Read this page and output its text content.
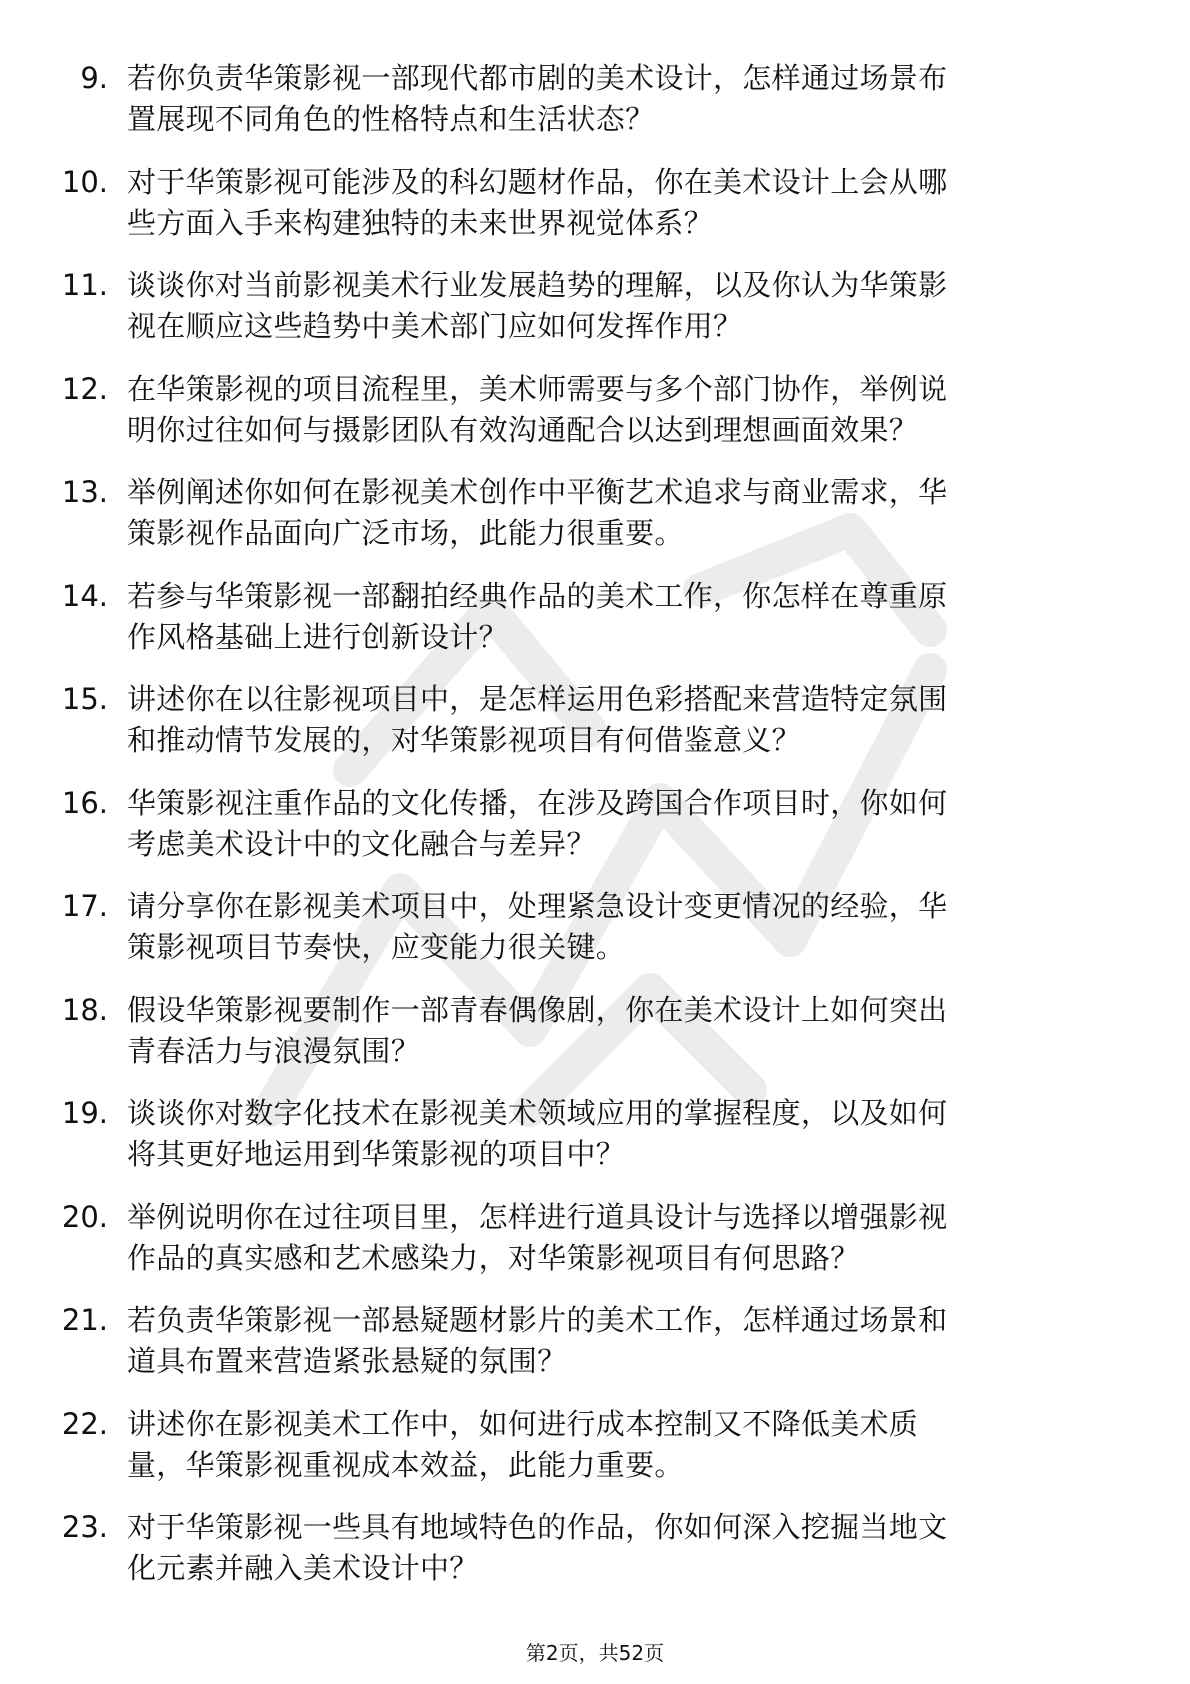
9. 若你负责华策影视一部现代都市剧的美术设计，怎样通过场景布
置展现不同角色的性格特点和生活状态？
10. 对于华策影视可能涉及的科幻题材作品，你在美术设计上会从哪
些方面入手来构建独特的未来世界视觉体系？
11. 谈谈你对当前影视美术行业发展趋势的理解，以及你认为华策影
视在顺应这些趋势中美术部门应如何发挥作用？
12. 在华策影视的项目流程里，美术师需要与多个部门协作，举例说
明你过往如何与摄影团队有效沟通配合以达到理想画面效果？
13. 举例阐述你如何在影视美术创作中平衡艺术追求与商业需求，华
策影视作品面向广泛市场，此能力很重要。
14. 若参与华策影视一部翻拍经典作品的美术工作，你怎样在尊重原
作风格基础上进行创新设计？
15. 讲述你在以往影视项目中，是怎样运用色彩搭配来营造特定氛围
和推动情节发展的，对华策影视项目有何借鉴意义？
16. 华策影视注重作品的文化传播，在涉及跨国合作项目时，你如何
考虑美术设计中的文化融合与差异？
17. 请分享你在影视美术项目中，处理紧急设计变更情况的经验，华
策影视项目节奏快，应变能力很关键。
18. 假设华策影视要制作一部青春偶像剧，你在美术设计上如何突出
青春活力与浪漫氛围？
19. 谈谈你对数字化技术在影视美术领域应用的掌握程度，以及如何
将其更好地运用到华策影视的项目中？
20. 举例说明你在过往项目里，怎样进行道具设计与选择以增强影视
作品的真实感和艺术感染力，对华策影视项目有何思路？
21. 若负责华策影视一部悬疑题材影片的美术工作，怎样通过场景和
道具布置来营造紧张悬疑的氛围？
22. 讲述你在影视美术工作中，如何进行成本控制又不降低美术质
量，华策影视重视成本效益，此能力重要。
23. 对于华策影视一些具有地域特色的作品，你如何深入挖掘当地文
化元素并融入美术设计中？
第2页，共52页
